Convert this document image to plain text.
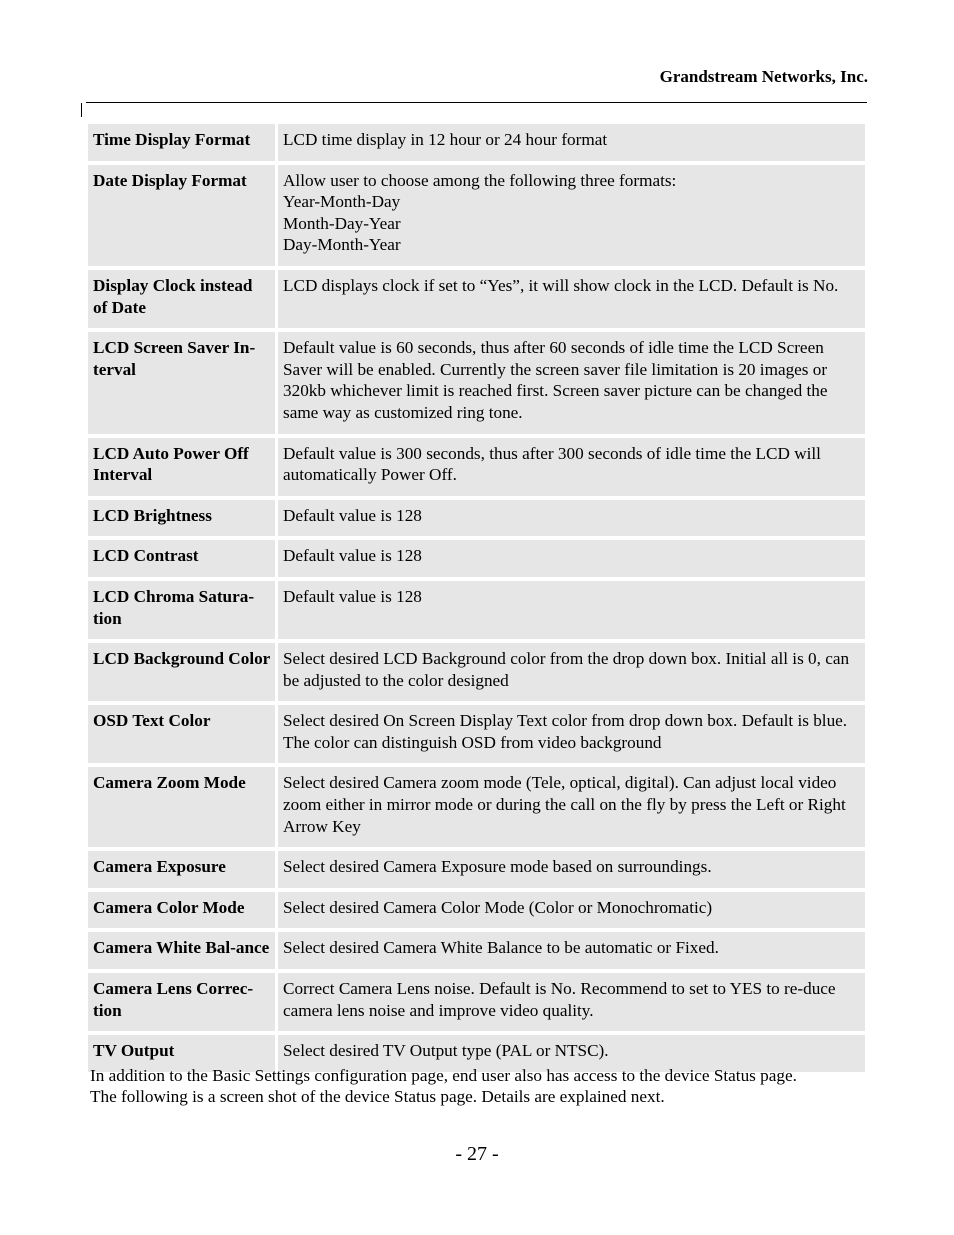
Grandstream Networks, Inc.
Time Display Format	LCD time display in 12 hour or 24 hour format

Date Display Format	Allow user to choose among the following three formats:
Year-Month-Day
Month-Day-Year
Day-Month-Year

Display Clock instead of Date	LCD displays clock if set to “Yes”, it will show clock in the LCD. Default is No.

LCD Screen Saver In-terval	Default value is 60 seconds, thus after 60 seconds of idle time the LCD Screen Saver will be enabled. Currently the screen saver file limitation is 20 images or 320kb whichever limit is reached first. Screen saver picture can be changed the same way as customized ring tone.

LCD Auto Power Off Interval	Default value is 300 seconds, thus after 300 seconds of idle time the LCD will automatically Power Off.

LCD Brightness	Default value is 128

LCD Contrast	Default value is 128

LCD Chroma Satura-tion	Default value is 128

LCD Background Color	Select desired LCD Background color from the drop down box. Initial all is 0, can be adjusted to the color designed

OSD Text Color	Select desired On Screen Display Text color from drop down box. Default is blue. The color can distinguish OSD from video background

Camera Zoom Mode	Select desired Camera zoom mode (Tele, optical, digital). Can adjust local video zoom either in mirror mode or during the call on the fly by press the Left or Right Arrow Key

Camera Exposure	Select desired Camera Exposure mode based on surroundings.

Camera Color Mode	Select desired Camera Color Mode (Color or Monochromatic)

Camera White Bal-ance	Select desired Camera White Balance to be automatic or Fixed.

Camera Lens Correc-tion	Correct Camera Lens noise. Default is No. Recommend to set to YES to re-duce camera lens noise and improve video quality.

TV Output	Select desired TV Output type (PAL or NTSC).
In addition to the Basic Settings configuration page, end user also has access to the device Status page.
The following is a screen shot of the device Status page. Details are explained next.
- 27 -
